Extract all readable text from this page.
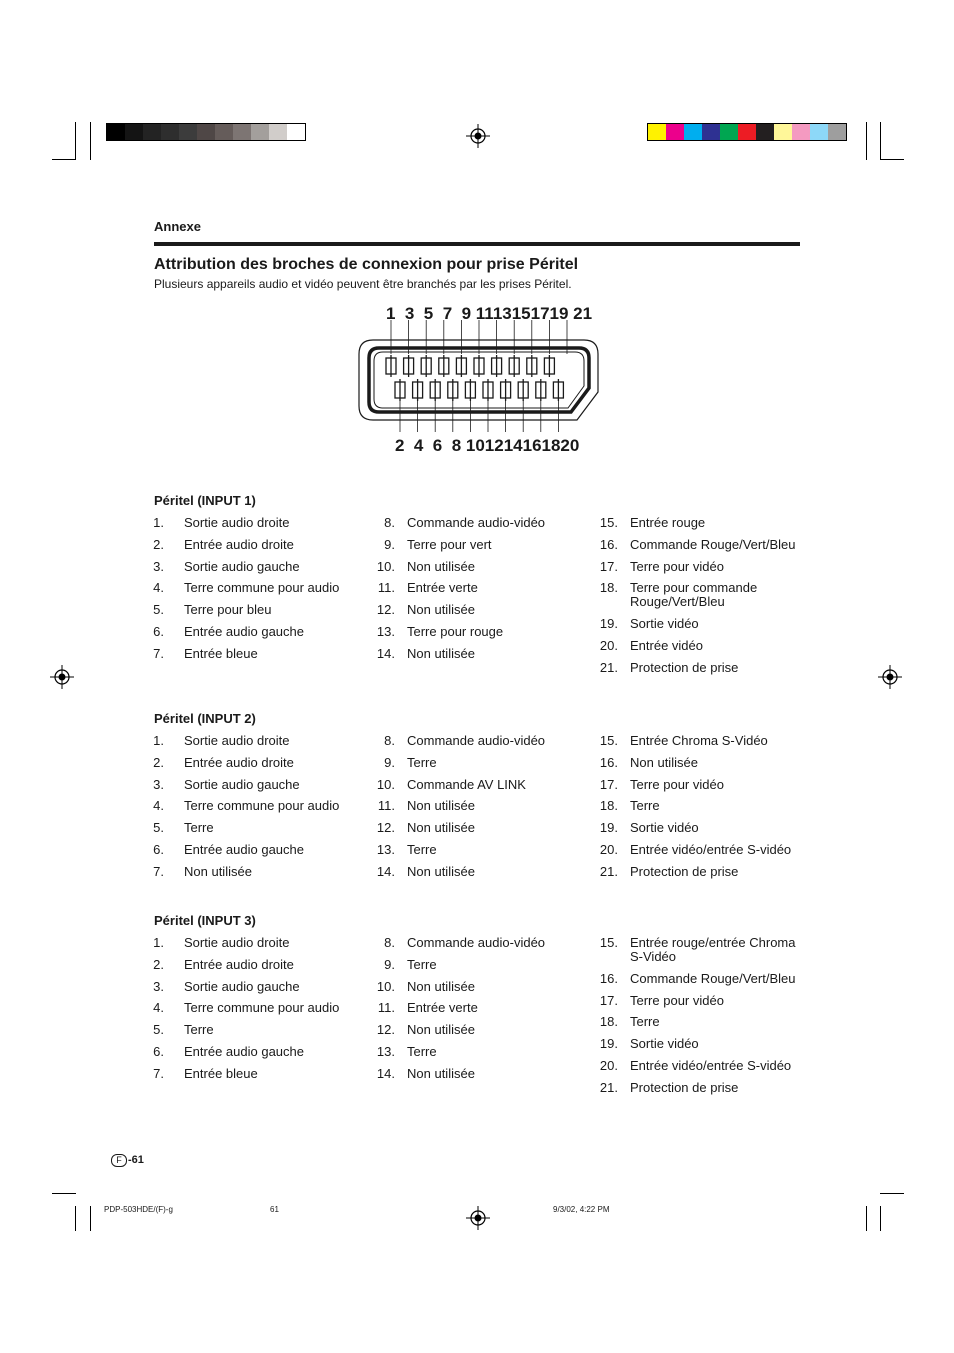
Annexe
Attribution des broches de connexion pour prise Péritel
Plusieurs appareils audio et vidéo peuvent être branchés par les prises Péritel.
1  3  5  7  9 1113151719 21
2  4  6  8 101214161820
Péritel (INPUT 1)
1. Sortie audio droite
2. Entrée audio droite
3. Sortie audio gauche
4. Terre commune pour audio
5. Terre pour bleu
6. Entrée audio gauche
7. Entrée bleue
8. Commande audio-vidéo
9. Terre pour vert
10. Non utilisée
11. Entrée verte
12. Non utilisée
13. Terre pour rouge
14. Non utilisée
15. Entrée rouge
16. Commande Rouge/Vert/Bleu
17. Terre pour vidéo
18. Terre pour commande
Rouge/Vert/Bleu
19. Sortie vidéo
20. Entrée vidéo
21. Protection de prise
Péritel (INPUT 2)
1. Sortie audio droite
2. Entrée audio droite
3. Sortie audio gauche
4. Terre commune pour audio
5. Terre
6. Entrée audio gauche
7. Non utilisée
8. Commande audio-vidéo
9. Terre
10. Commande AV LINK
11. Non utilisée
12. Non utilisée
13. Terre
14. Non utilisée
15. Entrée Chroma S-Vidéo
16. Non utilisée
17. Terre pour vidéo
18. Terre
19. Sortie vidéo
20. Entrée vidéo/entrée S-vidéo
21. Protection de prise
Péritel (INPUT 3)
1. Sortie audio droite
2. Entrée audio droite
3. Sortie audio gauche
4. Terre commune pour audio
5. Terre
6. Entrée audio gauche
7. Entrée bleue
8. Commande audio-vidéo
9. Terre
10. Non utilisée
11. Entrée verte
12. Non utilisée
13. Terre
14. Non utilisée
15. Entrée rouge/entrée Chroma
S-Vidéo
16. Commande Rouge/Vert/Bleu
17. Terre pour vidéo
18. Terre
19. Sortie vidéo
20. Entrée vidéo/entrée S-vidéo
21. Protection de prise
F -61
PDP-503HDE/(F)-g	61	9/3/02, 4:22 PM
